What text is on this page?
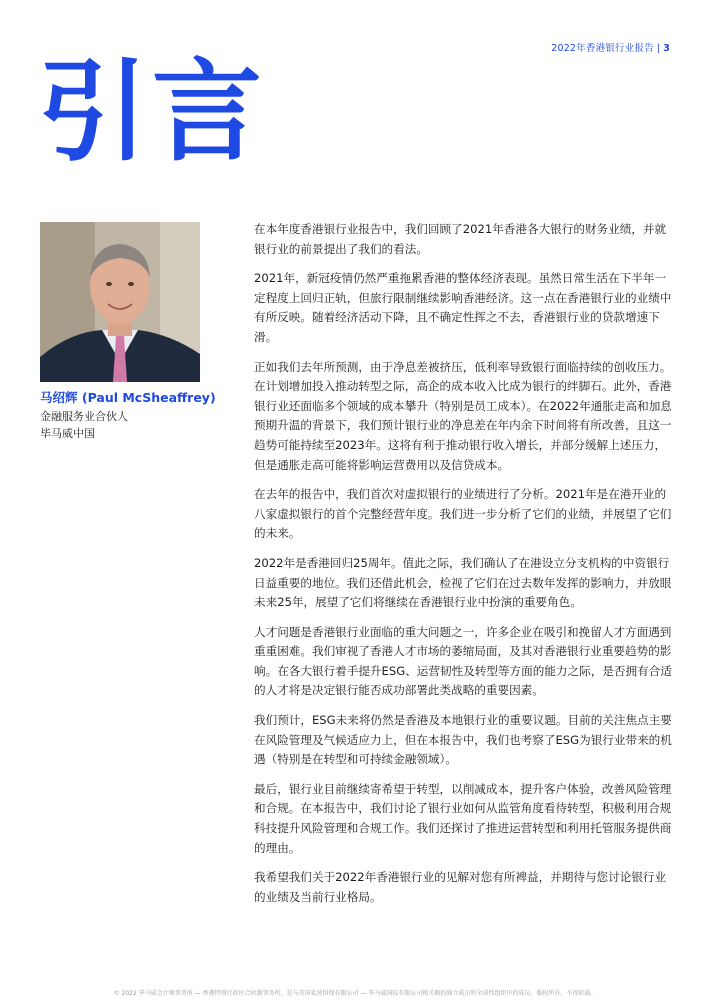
2022年香港银行业报告 | 3
引言

马绍辉 (Paul McSheaffrey)

金融服务业合伙人

毕马威中国

在本年度香港银行业报告中，我们回顾了2021年香港各大银行的财务业绩，并就银行业的前景提出了我们的看法。

2021年，新冠疫情仍然严重拖累香港的整体经济表现。虽然日常生活在下半年一定程度上回归正轨，但旅行限制继续影响香港经济。这一点在香港银行业的业绩中有所反映。随着经济活动下降，且不确定性挥之不去，香港银行业的贷款增速下滑。

正如我们去年所预测，由于净息差被挤压，低利率导致银行面临持续的创收压力。在计划增加投入推动转型之际，高企的成本收入比成为银行的绊脚石。此外，香港银行业还面临多个领域的成本攀升（特别是员工成本）。在2022年通胀走高和加息预期升温的背景下，我们预计银行业的净息差在年内余下时间将有所改善，且这一趋势可能持续至2023年。这将有利于推动银行收入增长，并部分缓解上述压力，但是通胀走高可能将影响运营费用以及信贷成本。

在去年的报告中，我们首次对虚拟银行的业绩进行了分析。2021年是在港开业的八家虚拟银行的首个完整经营年度。我们进一步分析了它们的业绩，并展望了它们的未来。

2022年是香港回归25周年。值此之际，我们确认了在港设立分支机构的中资银行日益重要的地位。我们还借此机会，检视了它们在过去数年发挥的影响力，并放眼未来25年，展望了它们将继续在香港银行业中扮演的重要角色。

人才问题是香港银行业面临的重大问题之一，许多企业在吸引和挽留人才方面遇到重重困难。我们审视了香港人才市场的萎缩局面，及其对香港银行业重要趋势的影响。在各大银行着手提升ESG、运营韧性及转型等方面的能力之际，是否拥有合适的人才将是决定银行能否成功部署此类战略的重要因素。

我们预计，ESG未来将仍然是香港及本地银行业的重要议题。目前的关注焦点主要在风险管理及气候适应力上，但在本报告中，我们也考察了ESG为银行业带来的机遇（特别是在转型和可持续金融领域）。

最后，银行业目前继续寄希望于转型，以削减成本，提升客户体验，改善风险管理和合规。在本报告中，我们讨论了银行业如何从监管角度看待转型，积极利用合规科技提升风险管理和合规工作。我们还探讨了推进运营转型和利用托管服务提供商的理由。

我希望我们关于2022年香港银行业的见解对您有所裨益，并期待与您讨论银行业的业绩及当前行业格局。

© 2022 毕马威会计师事务所 — 香港特别行政区合伙制事务所，是与英国私营担保有限公司 — 毕马威国际有限公司相关联的独立成员所全球性组织中的成员。版权所有，不得转载。
